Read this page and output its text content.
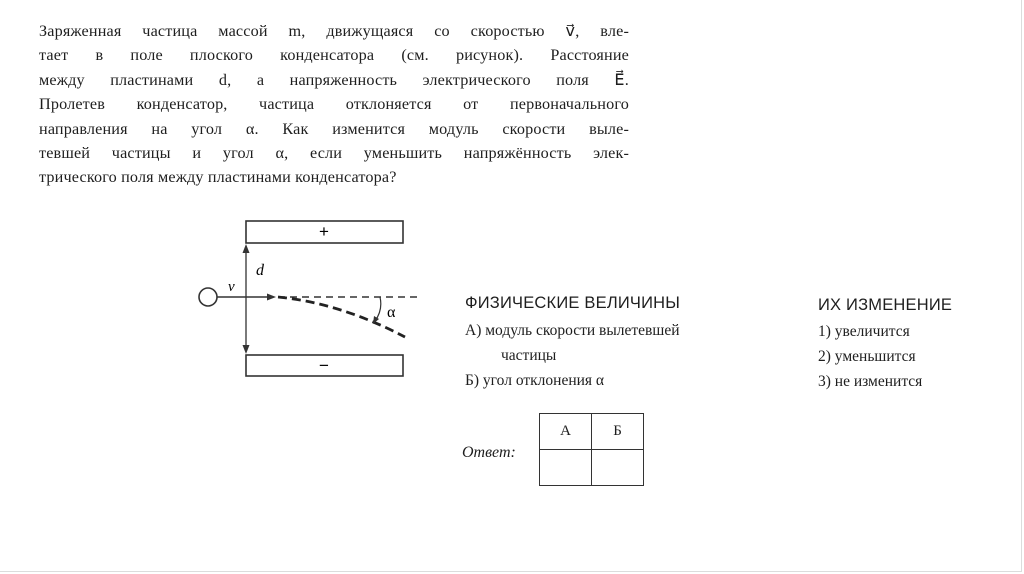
Заряженная частица массой m, движущаяся со скоростью v⃗, вле-
тает в поле плоского конденсатора (см. рисунок). Расстояние
между пластинами d, а напряженность электрического поля E⃗.
Пролетев конденсатор, частица отклоняется от первоначального
направления на угол α. Как изменится модуль скорости выле-
тевшей частицы и угол α, если уменьшить напряжённость элек-
трического поля между пластинами конденсатора?
+
−
d
v⃗
α
ФИЗИЧЕСКИЕ ВЕЛИЧИНЫ
А) модуль скорости вылетевшей
частицы
Б) угол отклонения α
ИХ ИЗМЕНЕНИЕ
1) увеличится
2) уменьшится
3) не изменится
Ответ:
А	Б
